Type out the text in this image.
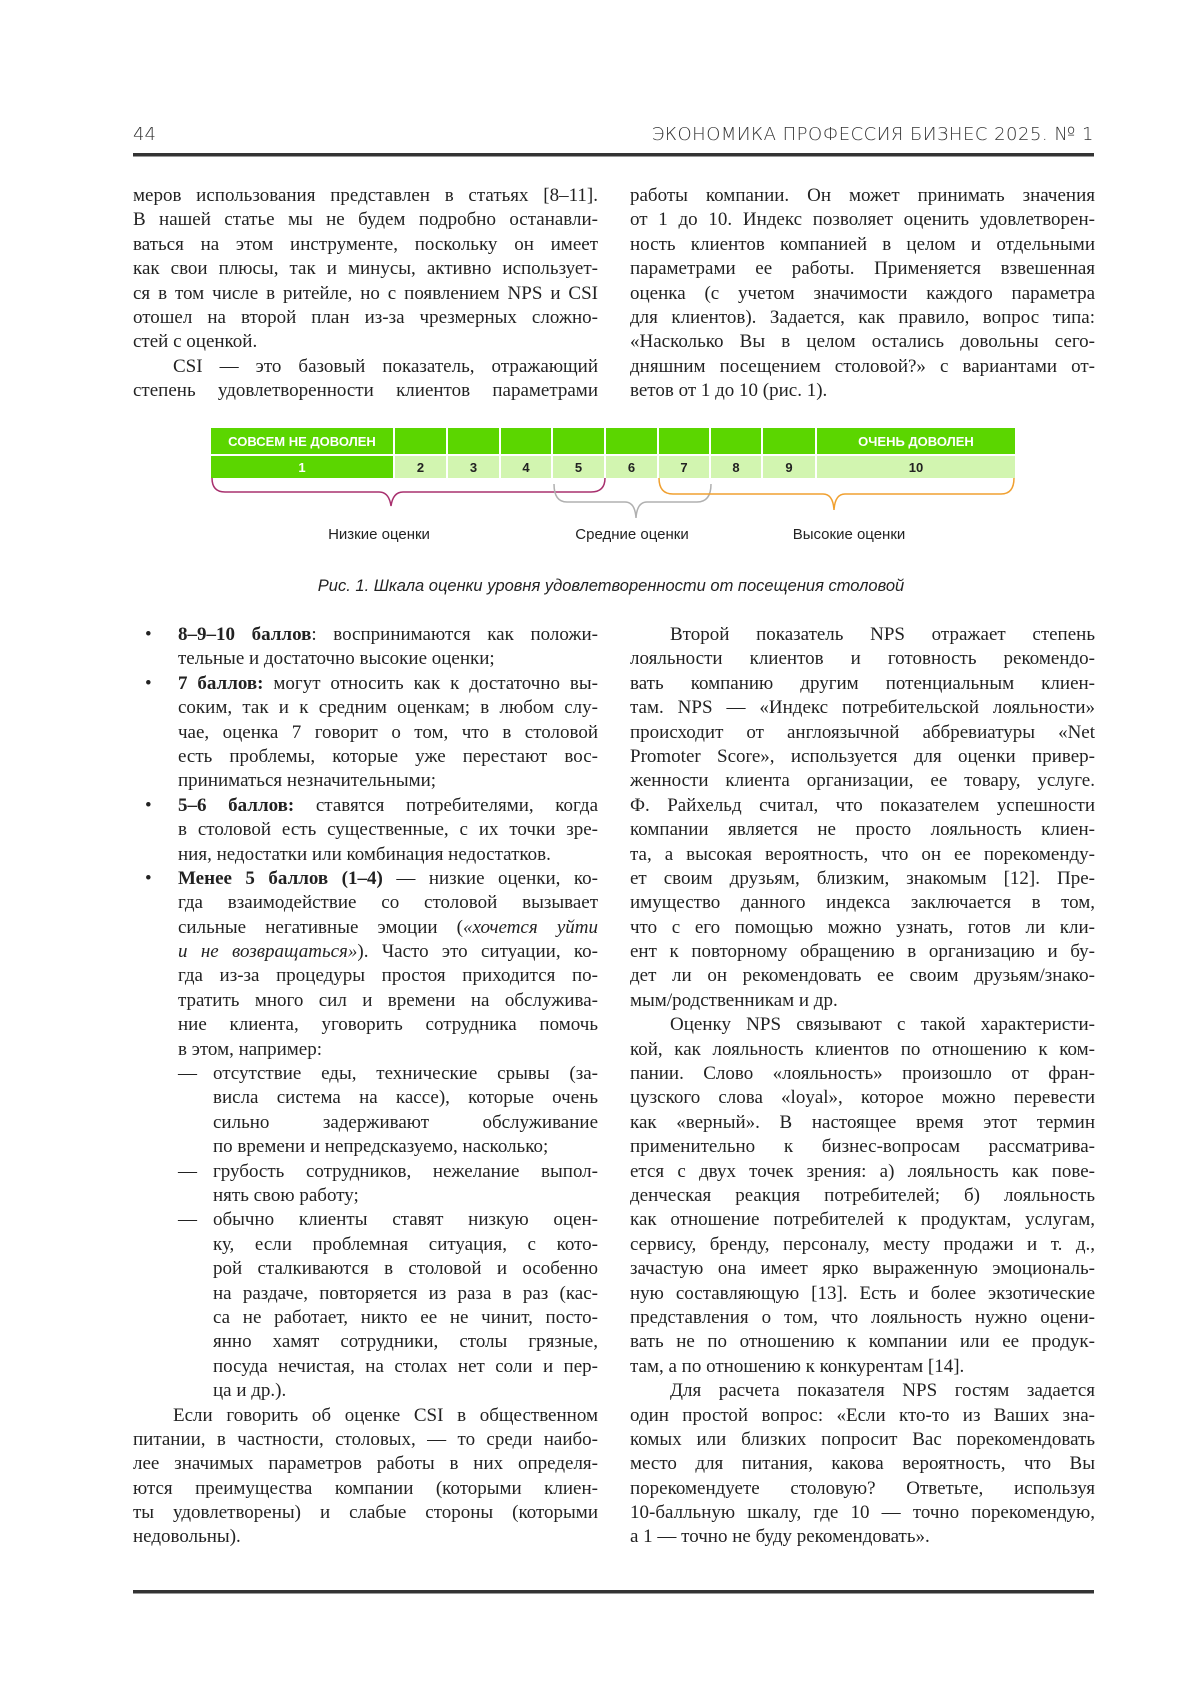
44	ЭКОНОМИКА ПРОФЕССИЯ БИЗНЕС 2025. № 1
меров использования представлен в статьях [8–11].
В нашей статье мы не будем подробно останавли-
ваться на этом инструменте, поскольку он имеет
как свои плюсы, так и минусы, активно использует-
ся в том числе в ритейле, но с появлением NPS и CSI
отошел на второй план из-за чрезмерных сложно-
стей с оценкой.
CSI — это базовый показатель, отражающий
степень удовлетворенности клиентов параметрами
работы компании. Он может принимать значения
от 1 до 10. Индекс позволяет оценить удовлетворен-
ность клиентов компанией в целом и отдельными
параметрами ее работы. Применяется взвешенная
оценка (с учетом значимости каждого параметра
для клиентов). Задается, как правило, вопрос типа:
«Насколько Вы в целом остались довольны сего-
дняшним посещением столовой?» с вариантами от-
ветов от 1 до 10 (рис. 1).
СОВСЕМ НЕ ДОВОЛЕН	ОЧЕНЬ ДОВОЛЕН
Низкие оценки	Средние оценки	Высокие оценки
1	2	3	4	5	6	7	8	9	10
Рис. 1. Шкала оценки уровня удовлетворенности от посещения столовой
• 8–9–10 баллов: воспринимаются как положи-
тельные и достаточно высокие оценки;
• 7 баллов: могут относить как к достаточно вы-
соким, так и к средним оценкам; в любом слу-
чае, оценка 7 говорит о том, что в столовой
есть проблемы, которые уже перестают вос-
приниматься незначительными;
• 5–6 баллов: ставятся потребителями, когда
в столовой есть существенные, с их точки зре-
ния, недостатки или комбинация недостатков.
• Менее 5 баллов (1–4) — низкие оценки, ко-
гда взаимодействие со столовой вызывает
сильные негативные эмоции («хочется уйти
и не возвращаться»). Часто это ситуации, ко-
гда из-за процедуры простоя приходится по-
тратить много сил и времени на обслужива-
ние клиента, уговорить сотрудника помочь
в этом, например:
— отсутствие еды, технические срывы (за-
висла система на кассе), которые очень
сильно задерживают обслуживание
по времени и непредсказуемо, насколько;
— грубость сотрудников, нежелание выпол-
нять свою работу;
— обычно клиенты ставят низкую оцен-
ку, если проблемная ситуация, с кото-
рой сталкиваются в столовой и особенно
на раздаче, повторяется из раза в раз (кас-
са не работает, никто ее не чинит, посто-
янно хамят сотрудники, столы грязные,
посуда нечистая, на столах нет соли и пер-
ца и др.).
Если говорить об оценке CSI в общественном
питании, в частности, столовых, — то среди наибо-
лее значимых параметров работы в них определя-
ются преимущества компании (которыми клиен-
ты удовлетворены) и слабые стороны (которыми
недовольны).
Второй показатель NPS отражает степень
лояльности клиентов и готовность рекомендо-
вать компанию другим потенциальным клиен-
там. NPS — «Индекс потребительской лояльности»
происходит от англоязычной аббревиатуры «Net
Promoter Score», используется для оценки привер-
женности клиента организации, ее товару, услуге.
Ф. Райхельд считал, что показателем успешности
компании является не просто лояльность клиен-
та, а высокая вероятность, что он ее порекоменду-
ет своим друзьям, близким, знакомым [12]. Пре-
имущество данного индекса заключается в том,
что с его помощью можно узнать, готов ли кли-
ент к повторному обращению в организацию и бу-
дет ли он рекомендовать ее своим друзьям/знако-
мым/родственникам и др.
Оценку NPS связывают с такой характеристи-
кой, как лояльность клиентов по отношению к ком-
пании. Слово «лояльность» произошло от фран-
цузского слова «loyal», которое можно перевести
как «верный». В настоящее время этот термин
применительно к бизнес-вопросам рассматрива-
ется с двух точек зрения: а) лояльность как пове-
денческая реакция потребителей; б) лояльность
как отношение потребителей к продуктам, услугам,
сервису, бренду, персоналу, месту продажи и т. д.,
зачастую она имеет ярко выраженную эмоциональ-
ную составляющую [13]. Есть и более экзотические
представления о том, что лояльность нужно оцени-
вать не по отношению к компании или ее продук-
там, а по отношению к конкурентам [14].
Для расчета показателя NPS гостям задается
один простой вопрос: «Если кто-то из Ваших зна-
комых или близких попросит Вас порекомендовать
место для питания, какова вероятность, что Вы
порекомендуете столовую? Ответьте, используя
10-балльную шкалу, где 10 — точно порекомендую,
а 1 — точно не буду рекомендовать».
